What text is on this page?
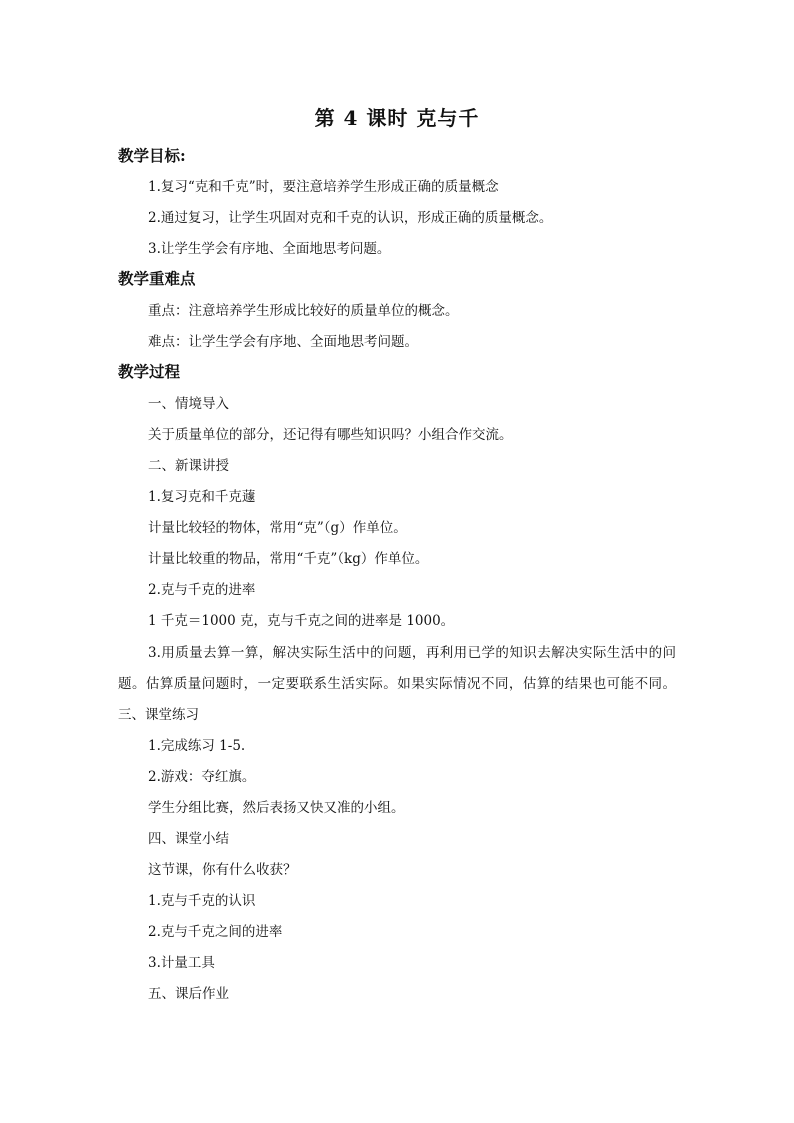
第 4 课时 克与千
教学目标:
1.复习“克和千克”时，要注意培养学生形成正确的质量概念
2.通过复习，让学生巩固对克和千克的认识，形成正确的质量概念。
3.让学生学会有序地、全面地思考问题。
教学重难点
重点：注意培养学生形成比较好的质量单位的概念。
难点：让学生学会有序地、全面地思考问题。
教学过程
一、情境导入
关于质量单位的部分，还记得有哪些知识吗？小组合作交流。
二、新课讲授
1.复习克和千克蘧
计量比较轻的物体，常用“克”（g）作单位。
计量比较重的物品，常用“千克”（kg）作单位。
2.克与千克的进率
1 千克＝1000 克，克与千克之间的进率是 1000。
3.用质量去算一算，解决实际生活中的问题，再利用已学的知识去解决实际生活中的问
题。估算质量问题时，一定要联系生活实际。如果实际情况不同，估算的结果也可能不同。
三、课堂练习
1.完成练习 1-5.
2.游戏：夺红旗。
学生分组比赛，然后表扬又快又准的小组。
四、课堂小结
这节课，你有什么收获？
1.克与千克的认识
2.克与千克之间的进率
3.计量工具
五、课后作业
